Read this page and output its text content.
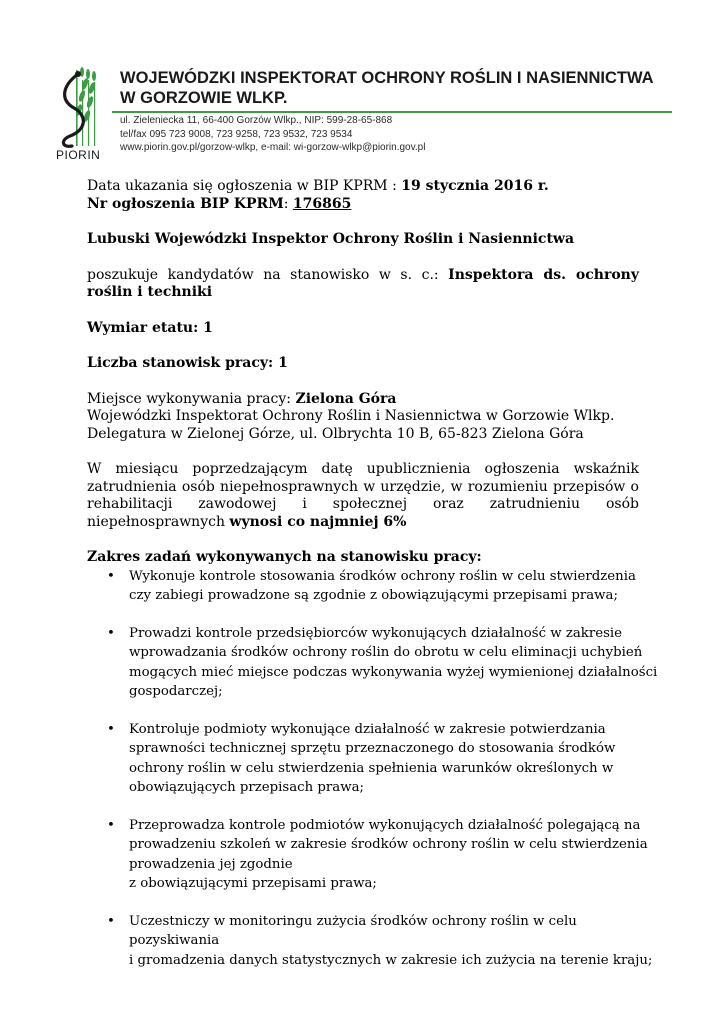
PIORIN
WOJEWÓDZKI INSPEKTORAT OCHRONY ROŚLIN I NASIENNICTWA
W GORZOWIE WLKP.
ul. Zieleniecka 11, 66-400 Gorzów Wlkp., NIP: 599-28-65-868
tel/fax 095 723 9008, 723 9258, 723 9532, 723 9534
www.piorin.gov.pl/gorzow-wlkp, e-mail: wi-gorzow-wlkp@piorin.gov.pl
Data ukazania się ogłoszenia w BIP KPRM : 19 stycznia 2016 r.
Nr ogłoszenia BIP KPRM: 176865
Lubuski Wojewódzki Inspektor Ochrony Roślin i Nasiennictwa
poszukuje kandydatów na stanowisko w s. c.: Inspektora ds. ochrony
roślin i techniki
Wymiar etatu: 1
Liczba stanowisk pracy: 1
Miejsce wykonywania pracy: Zielona Góra
Wojewódzki Inspektorat Ochrony Roślin i Nasiennictwa w Gorzowie Wlkp.
Delegatura w Zielonej Górze, ul. Olbrychta 10 B, 65-823 Zielona Góra
W miesiącu poprzedzającym datę upublicznienia ogłoszenia wskaźnik
zatrudnienia osób niepełnosprawnych w urzędzie, w rozumieniu przepisów o
rehabilitacji zawodowej i społecznej oraz zatrudnieniu osób
niepełnosprawnych wynosi co najmniej 6%
Zakres zadań wykonywanych na stanowisku pracy:
• Wykonuje kontrole stosowania środków ochrony roślin w celu stwierdzenia
czy zabiegi prowadzone są zgodnie z obowiązującymi przepisami prawa;
• Prowadzi kontrole przedsiębiorców wykonujących działalność w zakresie
wprowadzania środków ochrony roślin do obrotu w celu eliminacji uchybień
mogących mieć miejsce podczas wykonywania wyżej wymienionej działalności
gospodarczej;
• Kontroluje podmioty wykonujące działalność w zakresie potwierdzania
sprawności technicznej sprzętu przeznaczonego do stosowania środków
ochrony roślin w celu stwierdzenia spełnienia warunków określonych w
obowiązujących przepisach prawa;
• Przeprowadza kontrole podmiotów wykonujących działalność polegającą na
prowadzeniu szkoleń w zakresie środków ochrony roślin w celu stwierdzenia
prowadzenia jej zgodnie
z obowiązującymi przepisami prawa;
• Uczestniczy w monitoringu zużycia środków ochrony roślin w celu
pozyskiwania
i gromadzenia danych statystycznych w zakresie ich zużycia na terenie kraju;
